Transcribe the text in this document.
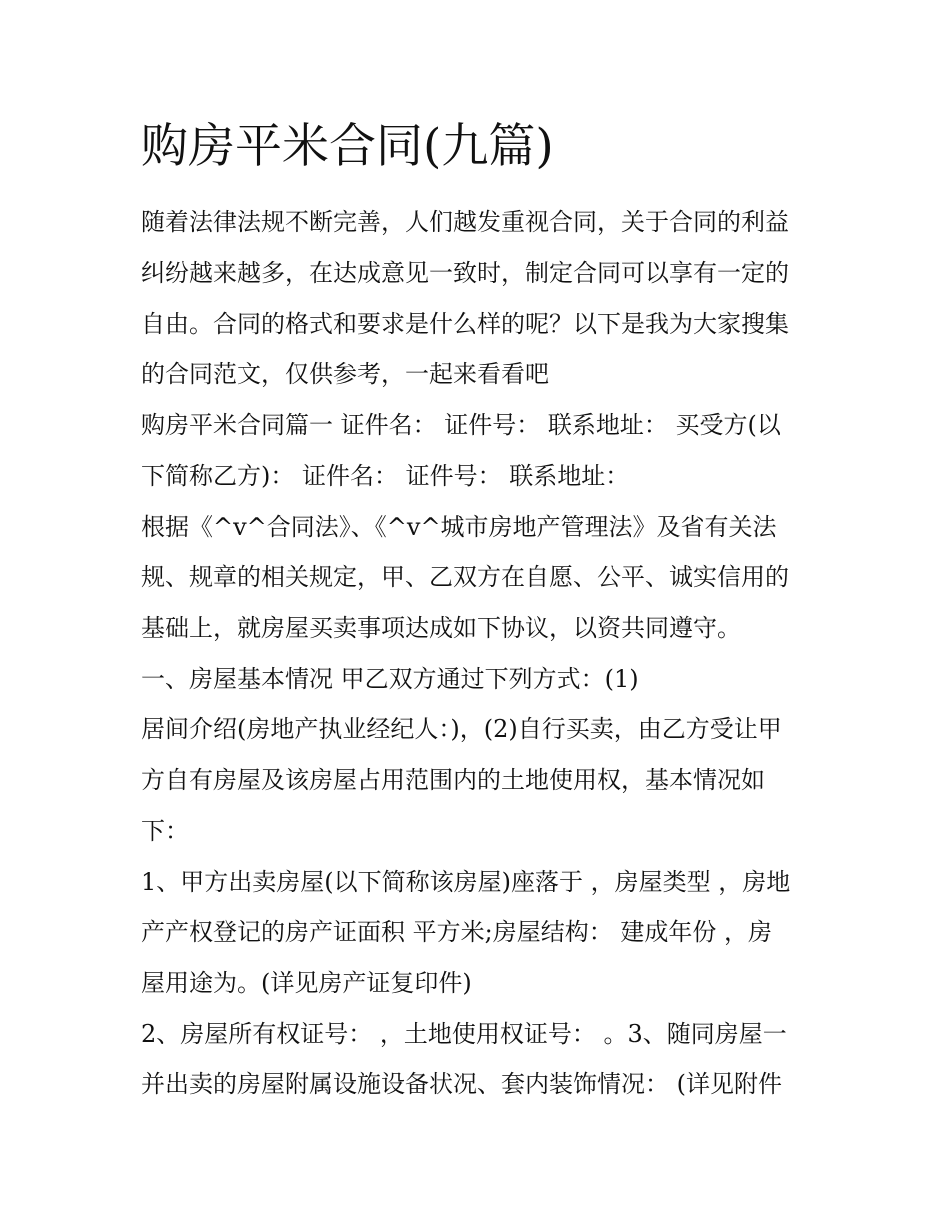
购房平米合同(九篇)

随着法律法规不断完善，人们越发重视合同，关于合同的利益

纠纷越来越多，在达成意见一致时，制定合同可以享有一定的

自由。合同的格式和要求是什么样的呢？以下是我为大家搜集

的合同范文，仅供参考，一起来看看吧

购房平米合同篇一 证件名： 证件号： 联系地址： 买受方(以

下简称乙方)： 证件名： 证件号： 联系地址：

根据《^v^合同法》、《^v^城市房地产管理法》及省有关法

规、规章的相关规定，甲、乙双方在自愿、公平、诚实信用的

基础上，就房屋买卖事项达成如下协议，以资共同遵守。

一、房屋基本情况 甲乙双方通过下列方式：(1)

居间介绍(房地产执业经纪人：)，(2)自行买卖，由乙方受让甲

方自有房屋及该房屋占用范围内的土地使用权，基本情况如

下：

1、甲方出卖房屋(以下简称该房屋)座落于 ，房屋类型 ，房地

产产权登记的房产证面积 平方米;房屋结构： 建成年份 ，房

屋用途为。(详见房产证复印件)

2、房屋所有权证号： ，土地使用权证号： 。3、随同房屋一

并出卖的房屋附属设施设备状况、套内装饰情况： (详见附件
